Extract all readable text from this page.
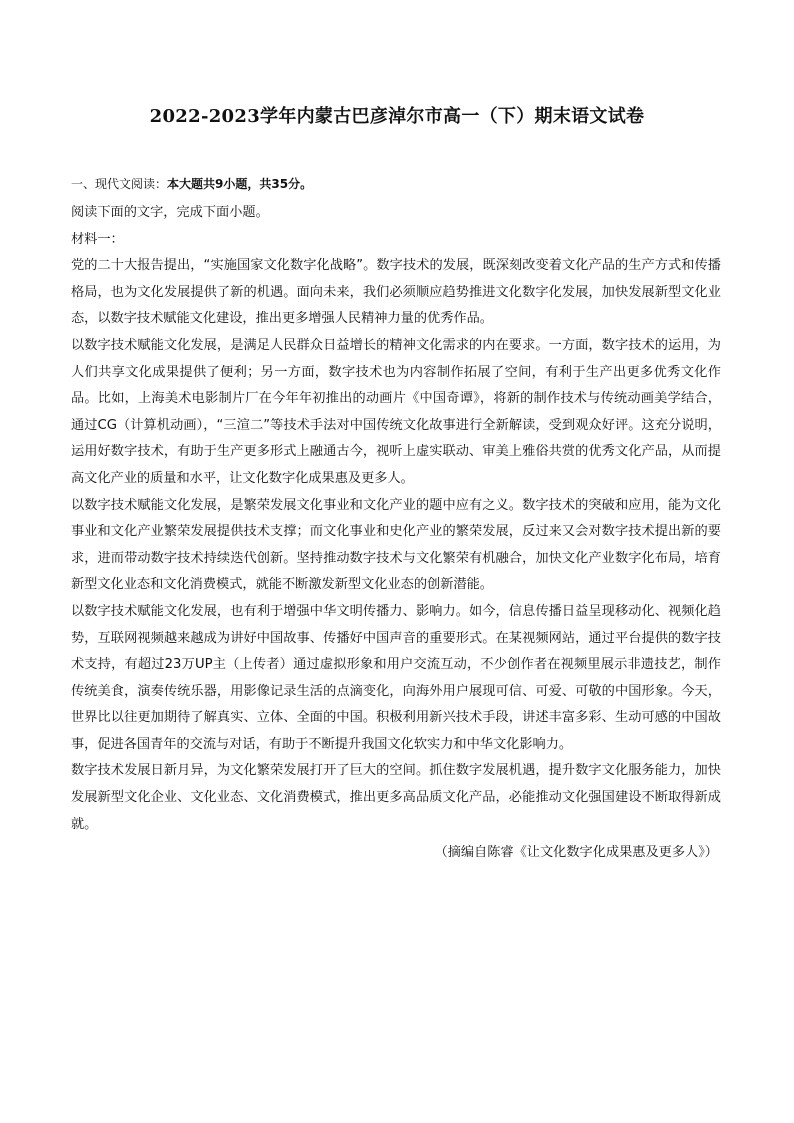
2022-2023学年内蒙古巴彦淖尔市高一（下）期末语文试卷

一、现代文阅读：本大题共9小题，共35分。

阅读下面的文字，完成下面小题。

材料一：

党的二十大报告提出，“实施国家文化数字化战略”。数字技术的发展，既深刻改变着文化产品的生产方式和传播格局，也为文化发展提供了新的机遇。面向未来，我们必须顺应趋势推进文化数字化发展，加快发展新型文化业态，以数字技术赋能文化建设，推出更多增强人民精神力量的优秀作品。

以数字技术赋能文化发展，是满足人民群众日益增长的精神文化需求的内在要求。一方面，数字技术的运用，为人们共享文化成果提供了便利；另一方面，数字技术也为内容制作拓展了空间，有利于生产出更多优秀文化作品。比如，上海美术电影制片厂在今年年初推出的动画片《中国奇谭》，将新的制作技术与传统动画美学结合，通过CG（计算机动画），“三渲二”等技术手法对中国传统文化故事进行全新解读，受到观众好评。这充分说明，运用好数字技术，有助于生产更多形式上融通古今，视听上虚实联动、审美上雅俗共赏的优秀文化产品，从而提高文化产业的质量和水平，让文化数字化成果惠及更多人。

以数字技术赋能文化发展，是繁荣发展文化事业和文化产业的题中应有之义。数字技术的突破和应用，能为文化事业和文化产业繁荣发展提供技术支撑；而文化事业和史化产业的繁荣发展，反过来又会对数字技术提出新的要求，进而带动数字技术持续迭代创新。坚持推动数字技术与文化繁荣有机融合，加快文化产业数字化布局，培育新型文化业态和文化消费模式，就能不断激发新型文化业态的创新潜能。

以数字技术赋能文化发展，也有利于增强中华文明传播力、影响力。如今，信息传播日益呈现移动化、视频化趋势，互联网视频越来越成为讲好中国故事、传播好中国声音的重要形式。在某视频网站，通过平台提供的数字技术支持，有超过23万UP主（上传者）通过虚拟形象和用户交流互动，不少创作者在视频里展示非遗技艺，制作传统美食，演奏传统乐器，用影像记录生活的点滴变化，向海外用户展现可信、可爱、可敬的中国形象。今天，世界比以往更加期待了解真实、立体、全面的中国。积极利用新兴技术手段，讲述丰富多彩、生动可感的中国故事，促进各国青年的交流与对话，有助于不断提升我国文化软实力和中华文化影响力。

数字技术发展日新月异，为文化繁荣发展打开了巨大的空间。抓住数字发展机遇，提升数字文化服务能力，加快发展新型文化企业、文化业态、文化消费模式，推出更多高品质文化产品，必能推动文化强国建设不断取得新成就。

（摘编自陈睿《让文化数字化成果惠及更多人》）
